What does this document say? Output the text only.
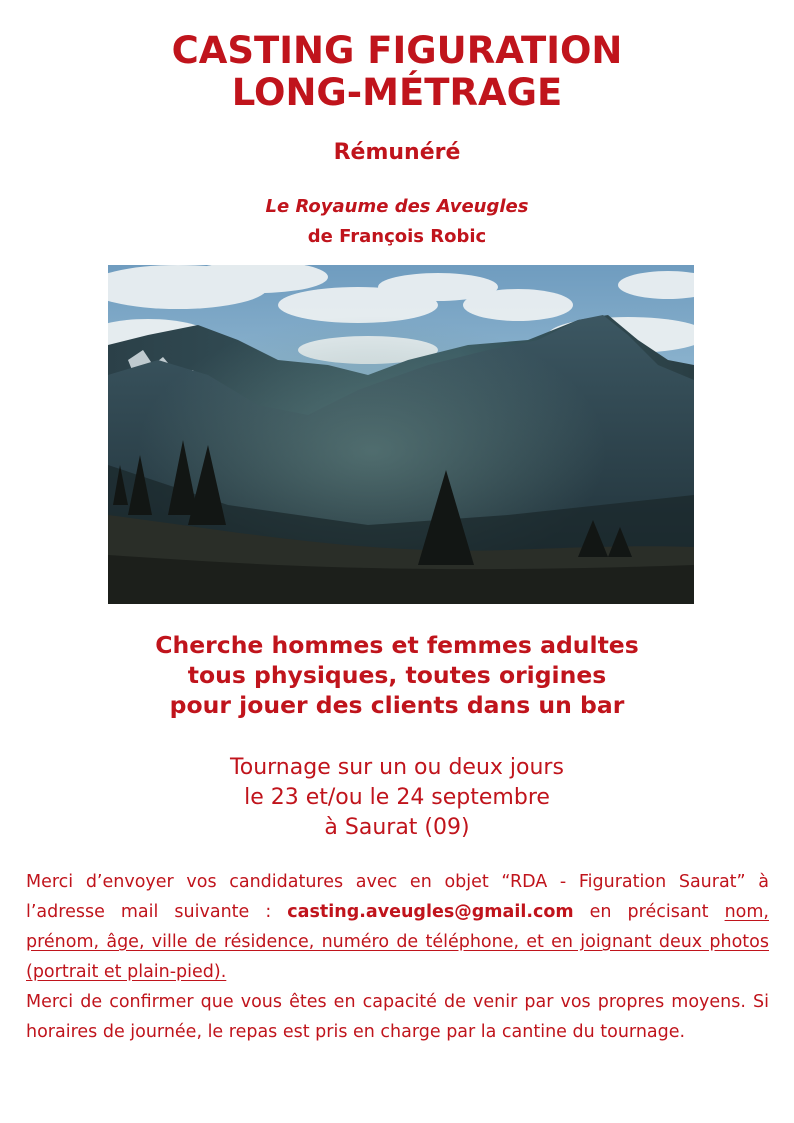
CASTING FIGURATION
LONG-MÉTRAGE
Rémunéré
Le Royaume des Aveugles
de François Robic
Cherche hommes et femmes adultes
tous physiques, toutes origines
pour jouer des clients dans un bar
Tournage sur un ou deux jours
le 23 et/ou le 24 septembre
à Saurat (09)

Merci d’envoyer vos candidatures avec en objet “RDA - Figuration Saurat” à l’adresse mail suivante : casting.aveugles@gmail.com en précisant nom, prénom, âge, ville de résidence, numéro de téléphone, et en joignant deux photos (portrait et plain-pied).

Merci de confirmer que vous êtes en capacité de venir par vos propres moyens. Si horaires de journée, le repas est pris en charge par la cantine du tournage.
